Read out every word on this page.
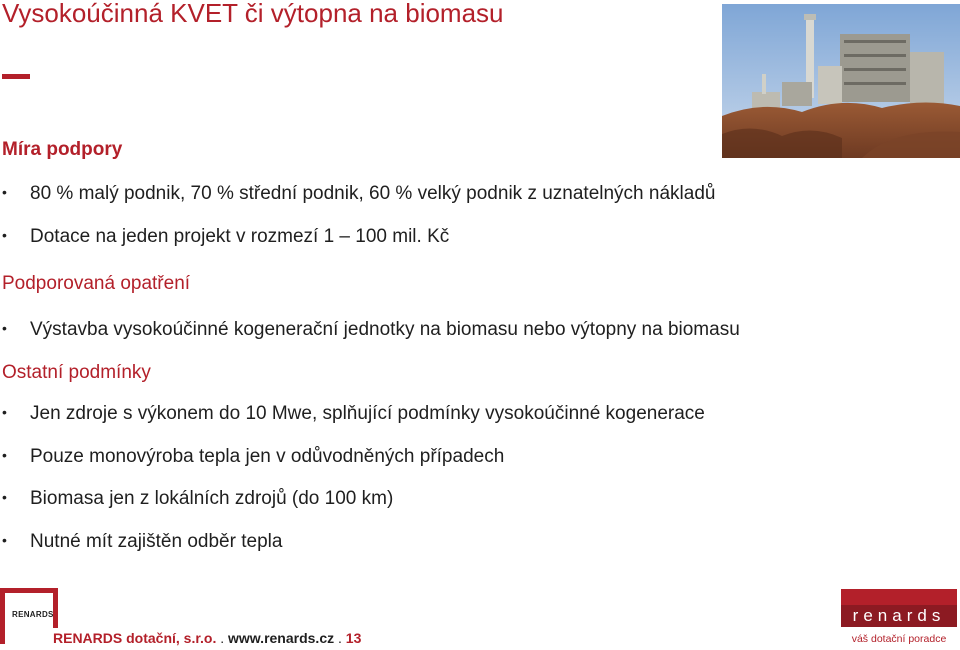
Vysokoúčinná KVET či výtopna na biomasu
Míra podpory
• 80 % malý podnik, 70 % střední podnik, 60 % velký podnik z uznatelných nákladů
• Dotace na jeden projekt v rozmezí 1 – 100 mil. Kč
Podporovaná opatření
• Výstavba vysokoúčinné kogenerační jednotky na biomasu nebo výtopny na biomasu
Ostatní podmínky
• Jen zdroje s výkonem do 10 Mwe, splňující podmínky vysokoúčinné kogenerace
• Pouze monovýroba tepla jen v odůvodněných případech
• Biomasa jen z lokálních zdrojů (do 100 km)
• Nutné mít zajištěn odběr tepla
RENARDS
RENARDS dotační, s.r.o. . www.renards.cz . 13
renards
váš dotační poradce
